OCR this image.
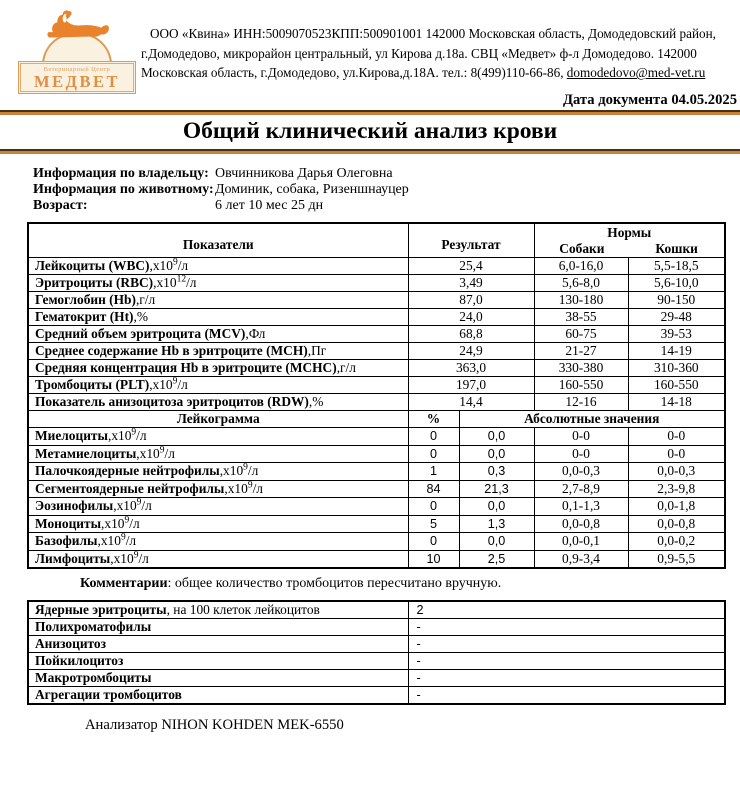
Ветеринарный Центр
МЕДВЕТ
ООО «Квина» ИНН:5009070523КПП:500901001 142000 Московская область, Домодедовский район,
г.Домодедово, микрорайон центральный, ул Кирова д.18а. СВЦ «Медвет» ф-л Домодедово. 142000
Московская область, г.Домодедово, ул.Кирова,д.18А. тел.: 8(499)110-66-86, domodedovo@med-vet.ru
Дата документа 04.05.2025
Общий клинический анализ крови
Информация по владельцу: Овчинникова Дарья Олеговна
Информация по животному:Доминик, собака, Ризеншнауцер
Возраст:	6 лет 10 мес 25 дн
Показатели	Результат		Нормы
Собаки Кошки	

Лейкоциты $(WBC),х10^9/л$	25,4		6,0-16,0	5,5-18,5
Эритроциты $(RBC),х10^{12}/л$	3,49		5,6-8,0	5,6-10,0
Гемоглобин (Hb),г/л	87,0		130-180	90-150
Гематокрит (Ht),%	24,0		38-55	29-48
Средний объем эритроцита (MCV),Фл	68,8		60-75	39-53
Среднее содержание Hb в эритроците (MCH),Пг	24,9		21-27	14-19
Средняя концентрация Hb в эритроците (MCHC),г/л	363,0		330-380	310-360
Тромбоциты $(PLT),х10^9/л$	197,0		160-550	160-550
Показатель анизоцитоза эритроцитов (RDW),%	14,4		12-16	14-18
Лейкограмма	%	Абсолютные значения		
$Миелоциты,х10^9/л$	0	0,0	0-0	0-0
$Метамиелоциты,х10^9/л$	0	0,0	0-0	0-0
Палочкоядерные $нейтрофилы,х10^9/л$	1	0,3	0,0-0,3	0,0-0,3
Сегментоядерные $нейтрофилы,х10^9/л$	84	21,3	2,7-8,9	2,3-9,8
$Эозинофилы,х10^9/л$	0	0,0	0,1-1,3	0,0-1,8
$Моноциты,х10^9/л$	5	1,3	0,0-0,8	0,0-0,8
$Базофилы,х10^9/л$	0	0,0	0,0-0,1	0,0-0,2
$Лимфоциты,х10^9/л$	10	2,5	0,9-3,4	0,9-5,5
Комментарии: общее количество тромбоцитов пересчитано вручную.
Ядерные эритроциты, на 100 клеток лейкоцитов	2
Полихроматофилы	-
Анизоцитоз	-
Пойкилоцитоз	-
Макротромбоциты	-
Агрегации тромбоцитов	-
Анализатор NIHON KOHDEN MEK-6550
